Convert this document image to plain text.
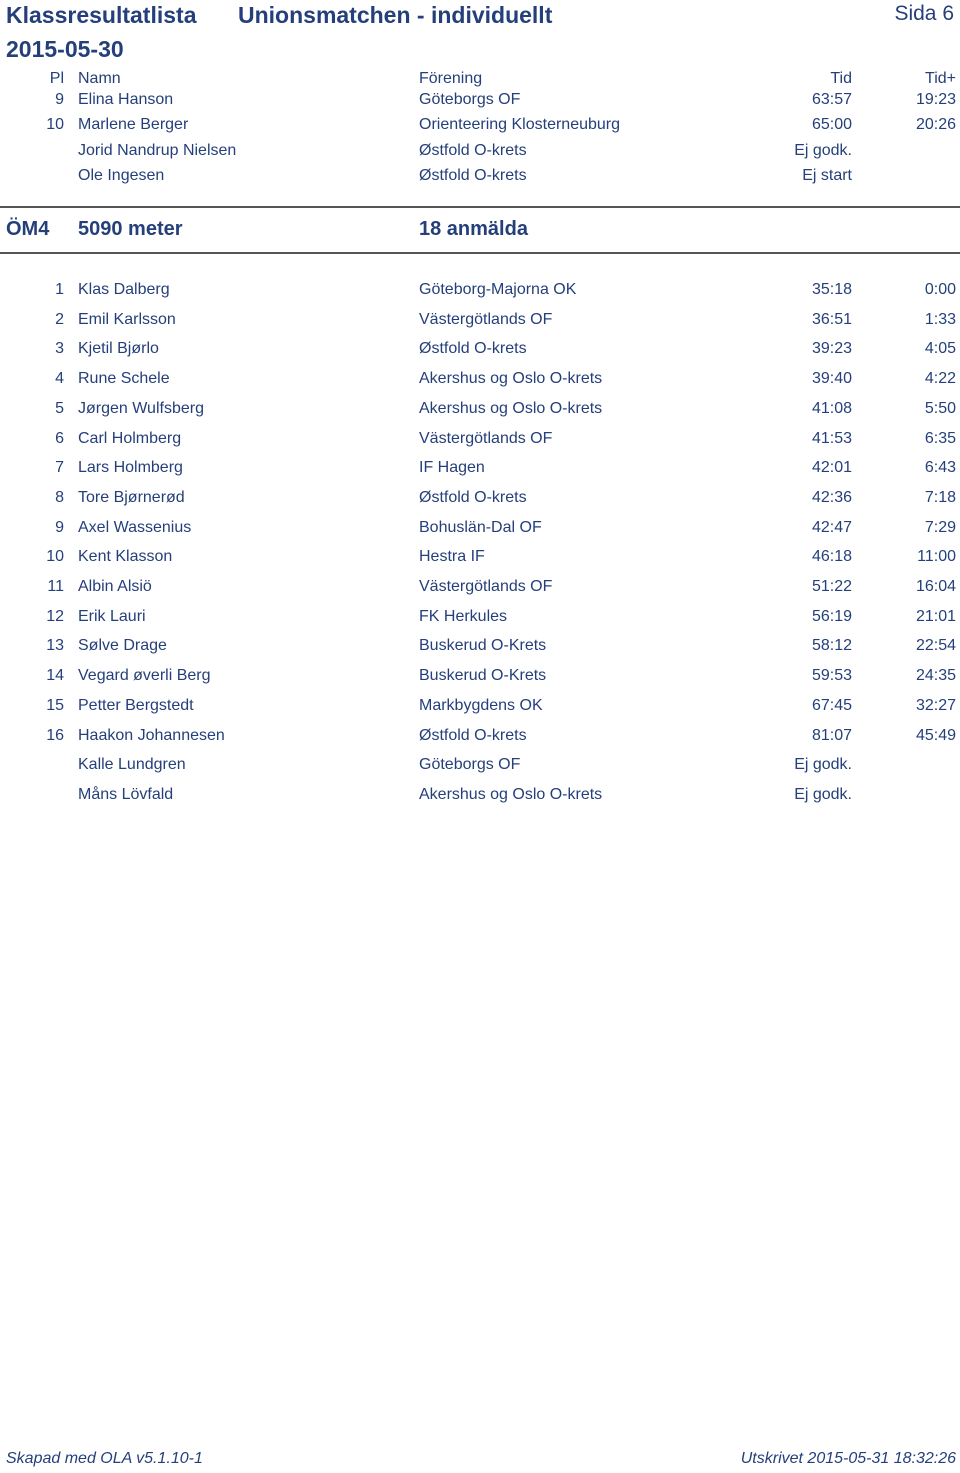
Klassresultatlista Unionsmatchen - individuellt	Sida 6
2015-05-30
Pl Namn	Förening	Tid	Tid+
9 Elina Hanson	Göteborgs OF	63:57	19:23
10 Marlene Berger	Orienteering Klosterneuburg	65:00	20:26
Jorid Nandrup Nielsen	Østfold O-krets	Ej godk.
Ole Ingesen	Østfold O-krets	Ej start
ÖM4 5090 meter	18 anmälda
1 Klas Dalberg	Göteborg-Majorna OK	35:18	0:00
2 Emil Karlsson	Västergötlands OF	36:51	1:33
3 Kjetil Bjørlo	Østfold O-krets	39:23	4:05
4 Rune Schele	Akershus og Oslo O-krets	39:40	4:22
5 Jørgen Wulfsberg	Akershus og Oslo O-krets	41:08	5:50
6 Carl Holmberg	Västergötlands OF	41:53	6:35
7 Lars Holmberg	IF Hagen	42:01	6:43
8 Tore Bjørnerød	Østfold O-krets	42:36	7:18
9 Axel Wassenius	Bohuslän-Dal OF	42:47	7:29
10 Kent Klasson	Hestra IF	46:18	11:00
11 Albin Alsiö	Västergötlands OF	51:22	16:04
12 Erik Lauri	FK Herkules	56:19	21:01
13 Sølve Drage	Buskerud O-Krets	58:12	22:54
14 Vegard øverli Berg	Buskerud O-Krets	59:53	24:35
15 Petter Bergstedt	Markbygdens OK	67:45	32:27
16 Haakon Johannesen	Østfold O-krets	81:07	45:49
Kalle Lundgren	Göteborgs OF	Ej godk.
Måns Lövfald	Akershus og Oslo O-krets	Ej godk.
Skapad med OLA v5.1.10-1	Utskrivet 2015-05-31 18:32:26
